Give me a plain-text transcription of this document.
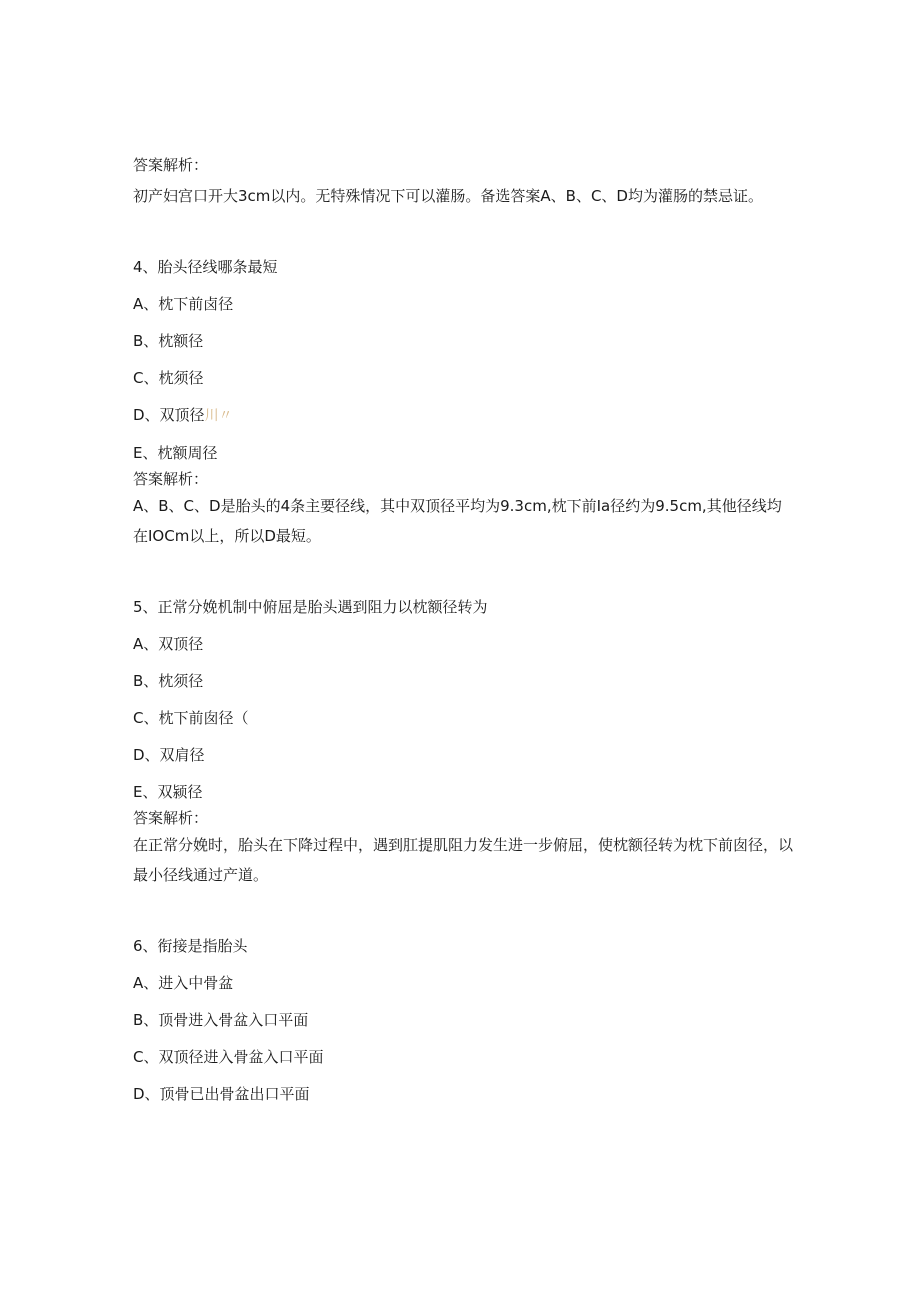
答案解析：
初产妇宫口开大3cm以内。无特殊情况下可以灌肠。备选答案A、B、C、D均为灌肠的禁忌证。
4、胎头径线哪条最短
A、枕下前卤径
B、枕额径
C、枕须径
D、双顶径川〃
E、枕额周径
答案解析：
A、B、C、D是胎头的4条主要径线，其中双顶径平均为9.3cm,枕下前Ia径约为9.5cm,其他径线均在IOCm以上，所以D最短。
5、正常分娩机制中俯屈是胎头遇到阻力以枕额径转为
A、双顶径
B、枕须径
C、枕下前囱径（
D、双肩径
E、双颍径
答案解析：
在正常分娩时，胎头在下降过程中，遇到肛提肌阻力发生进一步俯屈，使枕额径转为枕下前囱径，以最小径线通过产道。
6、衔接是指胎头
A、进入中骨盆
B、顶骨进入骨盆入口平面
C、双顶径进入骨盆入口平面
D、顶骨已出骨盆出口平面
